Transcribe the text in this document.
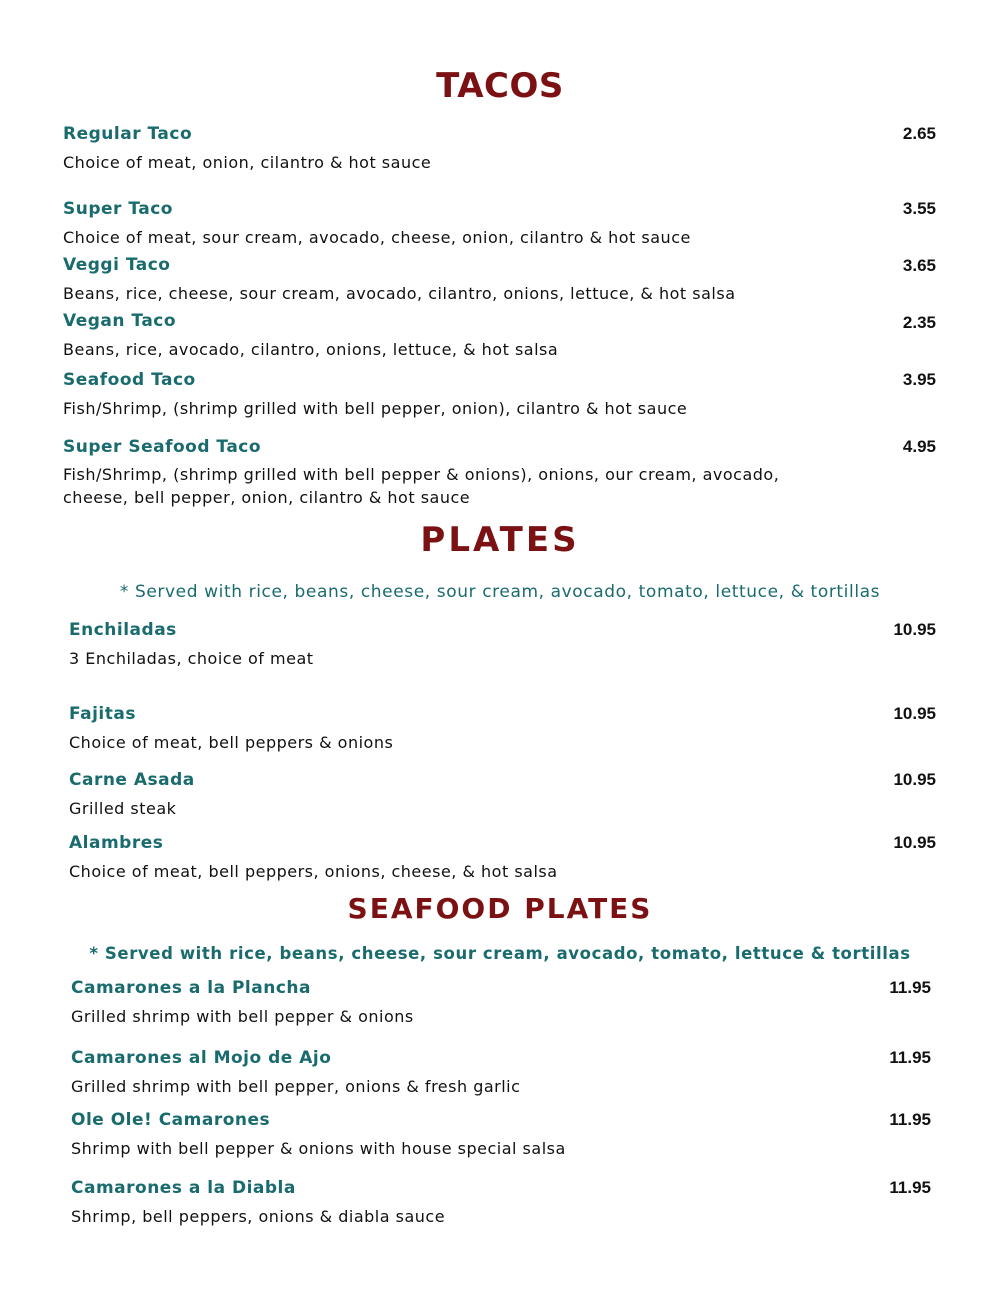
TACOS
Regular Taco	2.65
Choice of meat, onion, cilantro & hot sauce
Super Taco	3.55
Choice of meat, sour cream, avocado, cheese, onion, cilantro & hot sauce
Veggi Taco	3.65
Beans, rice, cheese, sour cream, avocado, cilantro, onions, lettuce, & hot salsa
Vegan Taco	2.35
Beans, rice, avocado, cilantro, onions, lettuce, & hot salsa
Seafood Taco	3.95
Fish/Shrimp, (shrimp grilled with bell pepper, onion), cilantro & hot sauce
Super Seafood Taco	4.95
Fish/Shrimp, (shrimp grilled with bell pepper & onions), onions, our cream, avocado, cheese, bell pepper, onion, cilantro & hot sauce
PLATES

* Served with rice, beans, cheese, sour cream, avocado, tomato, lettuce, & tortillas

Enchiladas	10.95
3 Enchiladas, choice of meat
Fajitas	10.95
Choice of meat, bell peppers & onions
Carne Asada	10.95
Grilled steak
Alambres	10.95
Choice of meat, bell peppers, onions, cheese, & hot salsa
SEAFOOD PLATES

* Served with rice, beans, cheese, sour cream, avocado, tomato, lettuce & tortillas

Camarones a la Plancha	11.95
Grilled shrimp with bell pepper & onions
Camarones al Mojo de Ajo	11.95
Grilled shrimp with bell pepper, onions & fresh garlic
Ole Ole! Camarones	11.95
Shrimp with bell pepper & onions with house special salsa
Camarones a la Diabla	11.95
Shrimp, bell peppers, onions & diabla sauce
